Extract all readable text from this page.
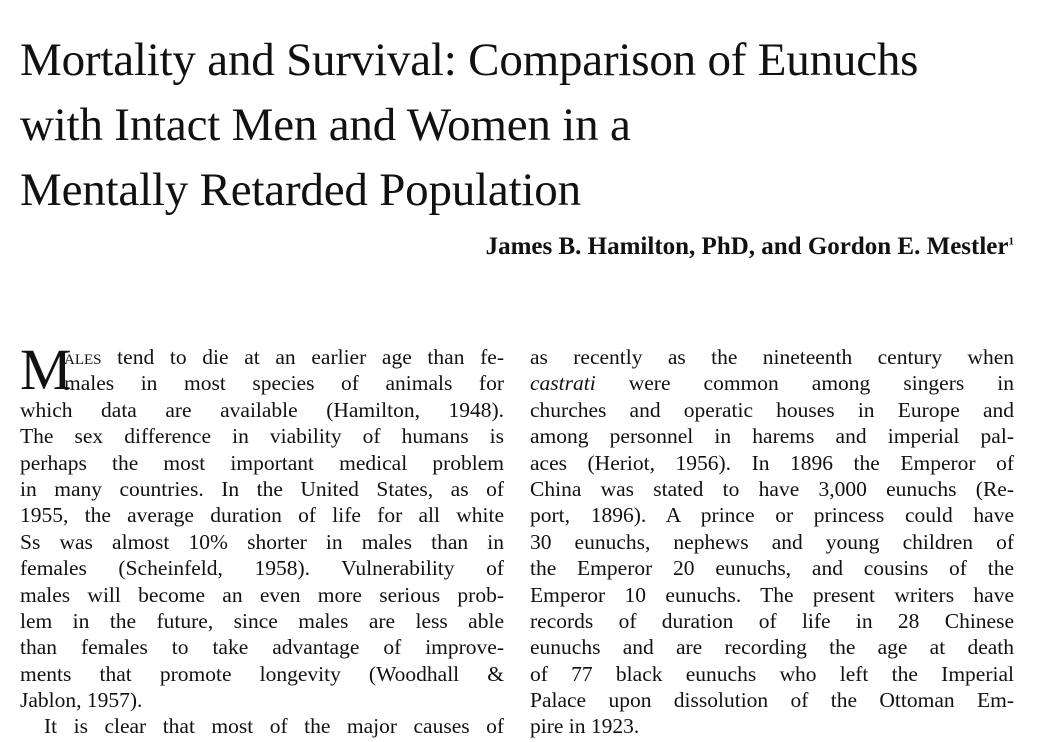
Mortality and Survival: Comparison of Eunuchs
with Intact Men and Women in a
Mentally Retarded Population
James B. Hamilton, PhD, and Gordon E. Mestler$^1$
M
ales tend to die at an earlier age than fe-
males in most species of animals for
which data are available (Hamilton, 1948).
The sex difference in viability of humans is
perhaps the most important medical problem
in many countries. In the United States, as of
1955, the average duration of life for all white
Ss was almost 10% shorter in males than in
females (Scheinfeld, 1958). Vulnerability of
males will become an even more serious prob-
lem in the future, since males are less able
than females to take advantage of improve-
ments that promote longevity (Woodhall &
Jablon, 1957).
It is clear that most of the major causes of
as recently as the nineteenth century when
castrati were common among singers in
churches and operatic houses in Europe and
among personnel in harems and imperial pal-
aces (Heriot, 1956). In 1896 the Emperor of
China was stated to have 3,000 eunuchs (Re-
port, 1896). A prince or princess could have
30 eunuchs, nephews and young children of
the Emperor 20 eunuchs, and cousins of the
Emperor 10 eunuchs. The present writers have
records of duration of life in 28 Chinese
eunuchs and are recording the age at death
of 77 black eunuchs who left the Imperial
Palace upon dissolution of the Ottoman Em-
pire in 1923.
